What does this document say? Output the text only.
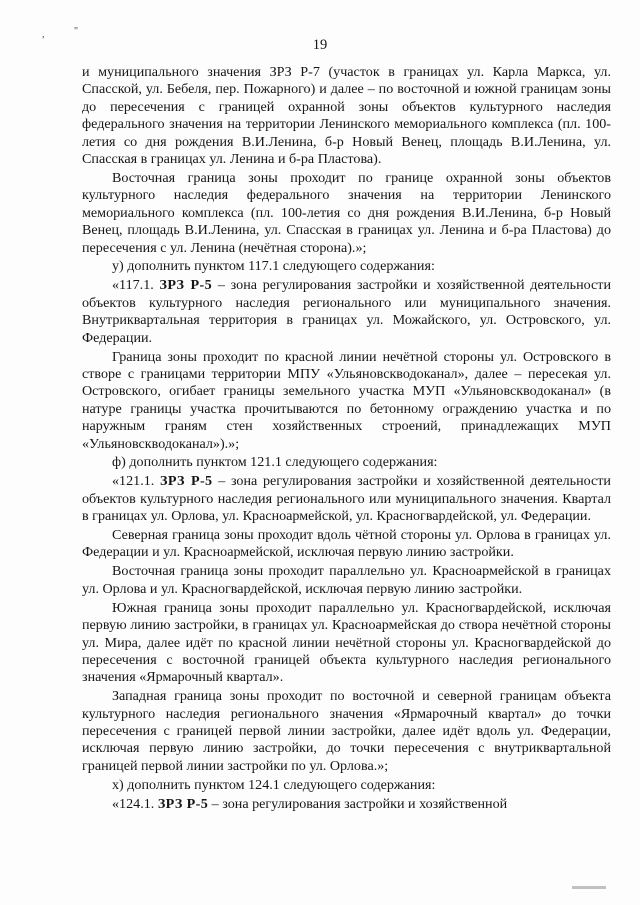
,	"
19

и муниципального значения ЗРЗ Р-7 (участок в границах ул. Карла Маркса, ул. Спасской, ул. Бебеля, пер. Пожарного) и далее – по восточной и южной границам зоны до пересечения с границей охранной зоны объектов культурного наследия федерального значения на территории Ленинского мемориального комплекса (пл. 100-летия со дня рождения В.И.Ленина, б-р Новый Венец, площадь В.И.Ленина, ул. Спасская в границах ул. Ленина и б-ра Пластова).

Восточная граница зоны проходит по границе охранной зоны объектов культурного наследия федерального значения на территории Ленинского мемориального комплекса (пл. 100-летия со дня рождения В.И.Ленина, б-р Новый Венец, площадь В.И.Ленина, ул. Спасская в границах ул. Ленина и б-ра Пластова) до пересечения с ул. Ленина (нечётная сторона).»;

у) дополнить пунктом 117.1 следующего содержания:

«117.1. ЗРЗ Р-5 – зона регулирования застройки и хозяйственной деятельности объектов культурного наследия регионального или муниципального значения. Внутриквартальная территория в границах ул. Можайского, ул. Островского, ул. Федерации.

Граница зоны проходит по красной линии нечётной стороны ул. Островского в створе с границами территории МПУ «Ульяновскводоканал», далее – пересекая ул. Островского, огибает границы земельного участка МУП «Ульяновскводоканал» (в натуре границы участка прочитываются по бетонному ограждению участка и по наружным граням стен хозяйственных строений, принадлежащих МУП «Ульяновскводоканал»).»;

ф) дополнить пунктом 121.1 следующего содержания:

«121.1. ЗРЗ Р-5 – зона регулирования застройки и хозяйственной деятельности объектов культурного наследия регионального или муниципального значения. Квартал в границах ул. Орлова, ул. Красноармейской, ул. Красногвардейской, ул. Федерации.

Северная граница зоны проходит вдоль чётной стороны ул. Орлова в границах ул. Федерации и ул. Красноармейской, исключая первую линию застройки.

Восточная граница зоны проходит параллельно ул. Красноармейской в границах ул. Орлова и ул. Красногвардейской, исключая первую линию застройки.

Южная граница зоны проходит параллельно ул. Красногвардейской, исключая первую линию застройки, в границах ул. Красноармейская до створа нечётной стороны ул. Мира, далее идёт по красной линии нечётной стороны ул. Красногвардейской до пересечения с восточной границей объекта культурного наследия регионального значения «Ярмарочный квартал».

Западная граница зоны проходит по восточной и северной границам объекта культурного наследия регионального значения «Ярмарочный квартал» до точки пересечения с границей первой линии застройки, далее идёт вдоль ул. Федерации, исключая первую линию застройки, до точки пересечения с внутриквартальной границей первой линии застройки по ул. Орлова.»;

х) дополнить пунктом 124.1 следующего содержания:

«124.1. ЗРЗ Р-5 – зона регулирования застройки и хозяйственной
